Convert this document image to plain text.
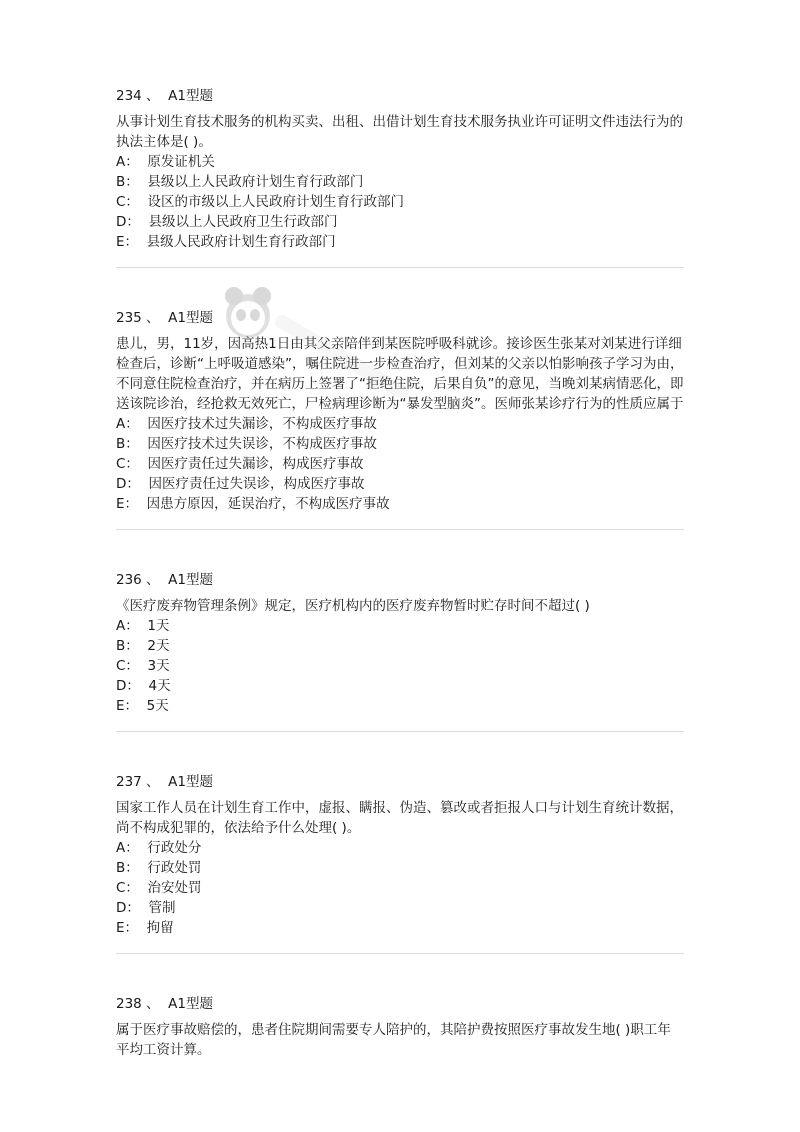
234 、 A1型题
从事计划生育技术服务的机构买卖、出租、出借计划生育技术服务执业许可证明文件违法行为的执法主体是( )。
A： 原发证机关
B： 县级以上人民政府计划生育行政部门
C： 设区的市级以上人民政府计划生育行政部门
D： 县级以上人民政府卫生行政部门
E： 县级人民政府计划生育行政部门
235 、 A1型题
患儿，男，11岁，因高热1日由其父亲陪伴到某医院呼吸科就诊。接诊医生张某对刘某进行详细检查后，诊断“上呼吸道感染”，嘱住院进一步检查治疗，但刘某的父亲以怕影响孩子学习为由，不同意住院检查治疗，并在病历上签署了“拒绝住院，后果自负”的意见，当晚刘某病情恶化，即送该院诊治，经抢救无效死亡，尸检病理诊断为“暴发型脑炎”。医师张某诊疗行为的性质应属于
A： 因医疗技术过失漏诊，不构成医疗事故
B： 因医疗技术过失误诊，不构成医疗事故
C： 因医疗责任过失漏诊，构成医疗事故
D： 因医疗责任过失误诊，构成医疗事故
E： 因患方原因，延误治疗，不构成医疗事故
236 、 A1型题
《医疗废弃物管理条例》规定，医疗机构内的医疗废弃物暂时贮存时间不超过( )
A： 1天
B： 2天
C： 3天
D： 4天
E： 5天
237 、 A1型题
国家工作人员在计划生育工作中，虚报、瞒报、伪造、篡改或者拒报人口与计划生育统计数据，尚不构成犯罪的，依法给予什么处理( )。
A： 行政处分
B： 行政处罚
C： 治安处罚
D： 管制
E： 拘留
238 、 A1型题
属于医疗事故赔偿的，患者住院期间需要专人陪护的，其陪护费按照医疗事故发生地( )职工年平均工资计算。
